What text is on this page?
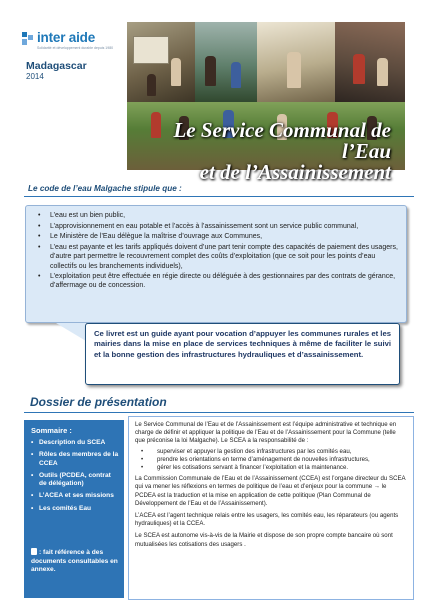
inter aide
Solidarité et développement durable depuis 1980
Madagascar
2014
Le Service Communal de l’Eau
et de l’Assainissement
Le code de l’eau Malgache stipule que :
• L’eau est un bien public,
• L’approvisionnement en eau potable et l’accès à l’assainissement sont un service public communal,
• Le Ministère de l’Eau délègue la maîtrise d’ouvrage aux Communes,
• L’eau est payante et les tarifs appliqués doivent d’une part tenir compte des capacités de paiement des usagers, d’autre part permettre le recouvrement complet des coûts d’exploitation (que ce soit pour les points d’eau collectifs ou les branchements individuels),
• L’exploitation peut être effectuée en régie directe ou déléguée à des gestionnaires par des contrats de gérance, d’affermage ou de concession.

Ce livret est un guide ayant pour vocation d’appuyer les communes rurales et les mairies dans la mise en place de services techniques à même de faciliter le suivi et la bonne gestion des infrastructures hydrauliques et d’assainissement.

Dossier de présentation
Sommaire :
• Description du SCEA
• Rôles des membres de la CCEA
• Outils (PCDEA, contrat de délégation)
• L’ACEA et ses missions
• Les comités Eau
: fait référence à des documents consultables en annexe.

Le Service Communal de l’Eau et de l’Assainissement est l’équipe administrative et technique en charge de définir et appliquer la politique de l’Eau et de l’Assainissement pour la Commune (telle que préconise la loi Malgache). Le SCEA a la responsabilité de :

• superviser et appuyer la gestion des infrastructures par les comités eau,
• prendre les orientations en terme d’aménagement de nouvelles infrastructures,
• gérer les cotisations servant à financer l’exploitation et la maintenance.

La Commission Communale de l’Eau et de l’Assainissement (CCEA) est l’organe directeur du SCEA qui va mener les réflexions en termes de politique de l’eau et d’enjeux pour la commune → le PCDEA est la traduction et la mise en application de cette politique (Plan Communal de Développement de l’Eau et de l’Assainissement).

L’ACEA est l’agent technique relais entre les usagers, les comités eau, les réparateurs (ou agents hydrauliques) et la CCEA.

Le SCEA est autonome vis-à-vis de la Mairie et dispose de son propre compte bancaire où sont mutualisées les cotisations des usagers .
